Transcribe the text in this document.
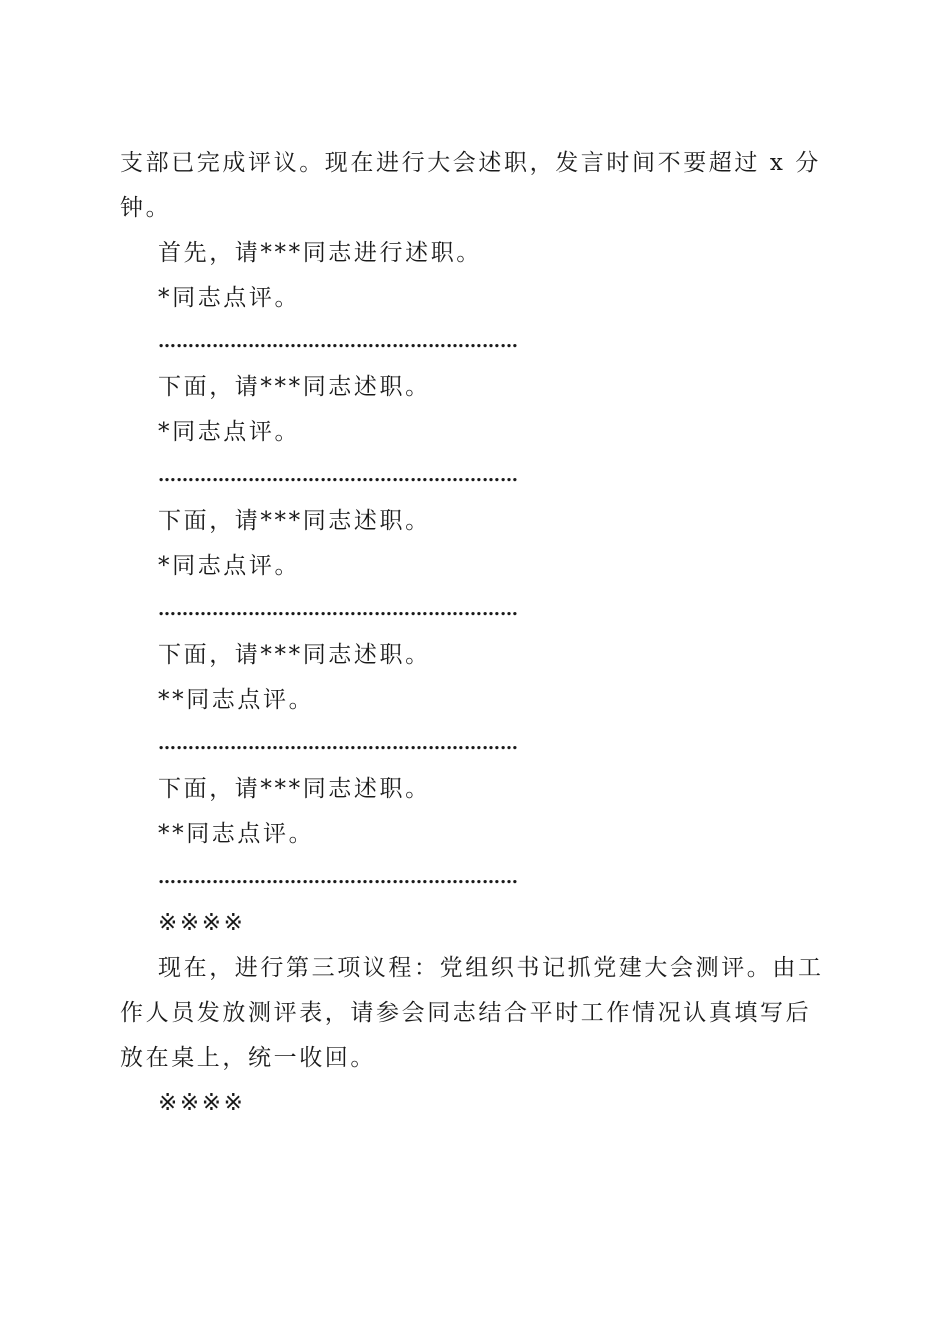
支部已完成评议。现在进行大会述职，发言时间不要超过 x 分
钟。
首先，请***同志进行述职。
*同志点评。
……………………………………………………
下面，请***同志述职。
*同志点评。
……………………………………………………
下面，请***同志述职。
*同志点评。
……………………………………………………
下面，请***同志述职。
**同志点评。
……………………………………………………
下面，请***同志述职。
**同志点评。
……………………………………………………
※※※※
现在，进行第三项议程：党组织书记抓党建大会测评。由工
作人员发放测评表，请参会同志结合平时工作情况认真填写后
放在桌上，统一收回。
※※※※
